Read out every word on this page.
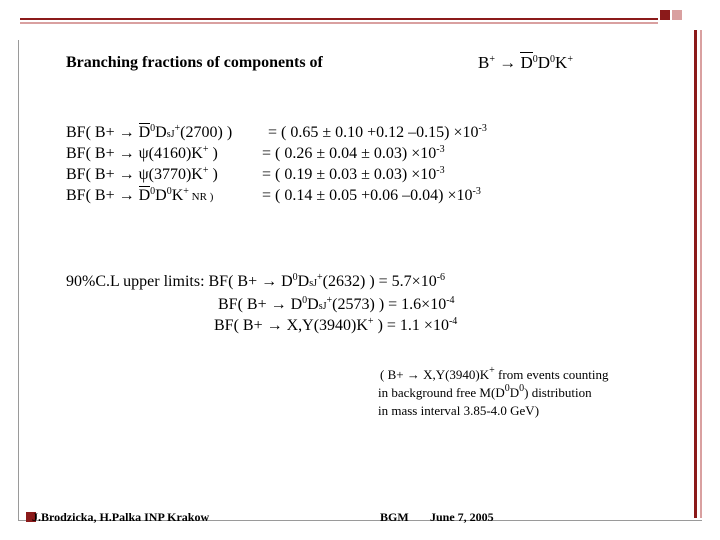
Branching fractions of components of	$B^+ \to D^0D^0K^+$
BF( $B+ \to D^0DsJ^+(2700)$ ) = ( 0.65 ± 0.10 +0.12 $-0.15) \times 10^{-3}$
BF( B+ → ψ(4160)K+ )	= ( $0.26 \pm 0.04 \pm 0.03) \times 10^{-3}$
BF( B+ → ψ(3770)K+ )	= ( $0.19 \pm 0.03 \pm 0.03) \times 10^{-3}$
BF( $B+ \to D^0D^0K^+$ NR )	= ( 0.14 ± 0.05 +0.06 $-0.04) \times 10^{-3}$
90%C.L upper limits: BF( $B+ \to D^0DsJ^+(2632)$ ) = $5.7\times 10^{-6}$
BF( $B+ \to D^0DsJ^+(2573)$ ) = $1.6\times 10^{-4}$
BF( B+ → X,Y(3940)K+ ) = $1.1 \times 10^{-4}$
( B+ → X,Y(3940)K+ from events counting
in background free $M(D^0D^0)$ distribution
in mass interval 3.85-4.0 GeV)
J.Brodzicka, H.Palka INP Krakow	BGM June 7, 2005
